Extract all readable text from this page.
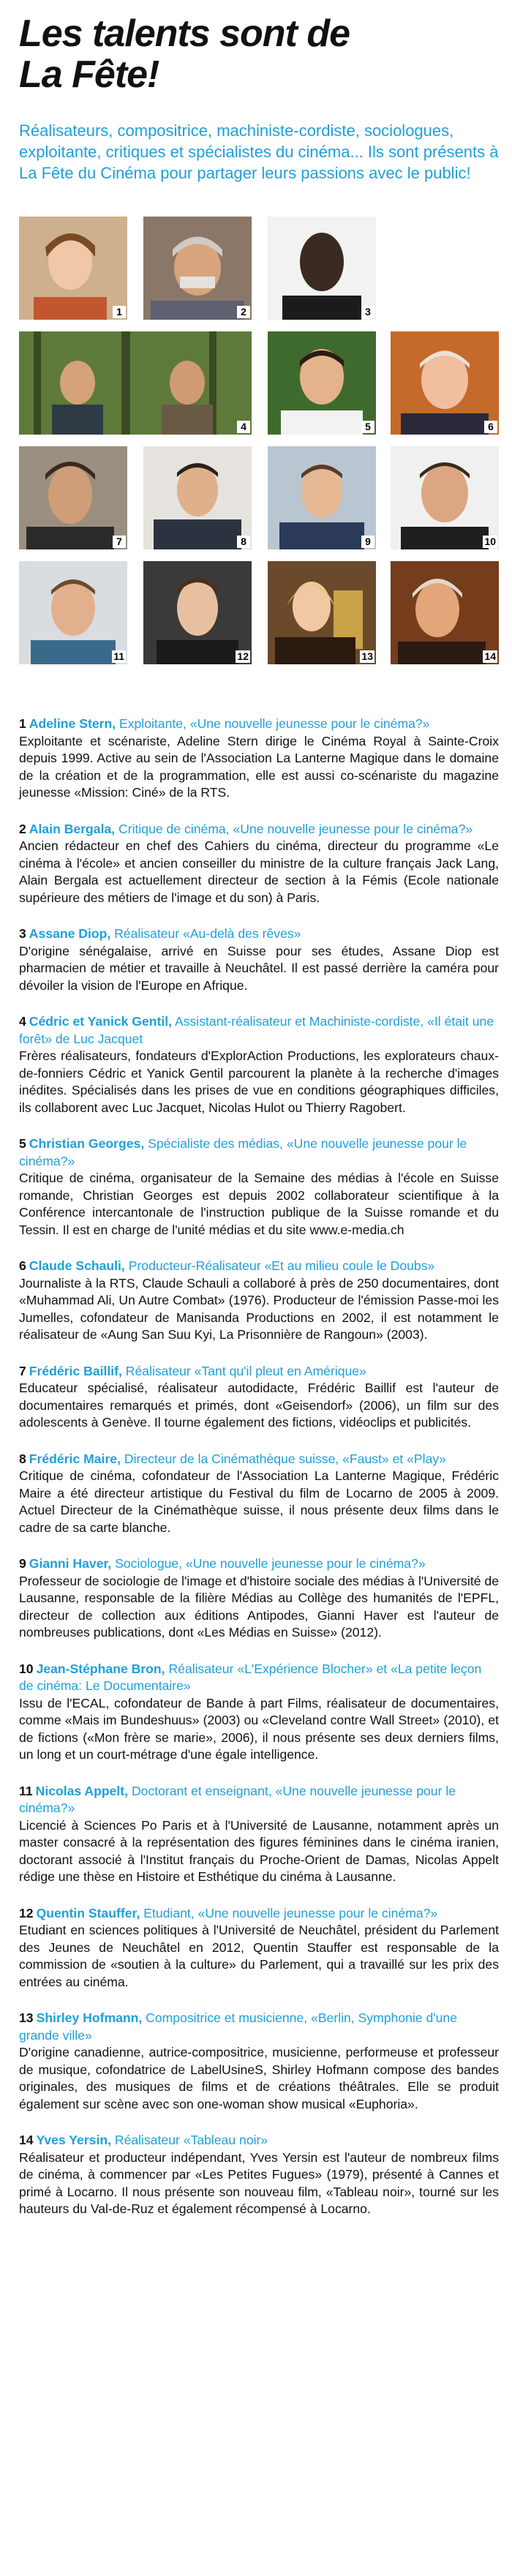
Les talents sont de
La Fête!

Réalisateurs, compositrice, machiniste-cordiste, sociologues, exploitante, critiques et spécialistes du cinéma... Ils sont présents à La Fête du Cinéma pour partager leurs passions avec le public!

1	2	3
4	5	6
7	8	9	10
11	12	13	14
1 Adeline Stern, Exploitante, «Une nouvelle jeunesse pour le cinéma?»
Exploitante et scénariste, Adeline Stern dirige le Cinéma Royal à Sainte-Croix depuis 1999. Active au sein de l'Association La Lanterne Magique dans le domaine de la création et de la programmation, elle est aussi co-scénariste du magazine jeunesse «Mission: Ciné» de la RTS.
2 Alain Bergala, Critique de cinéma, «Une nouvelle jeunesse pour le cinéma?»
Ancien rédacteur en chef des Cahiers du cinéma, directeur du programme «Le cinéma à l'école» et ancien conseiller du ministre de la culture français Jack Lang, Alain Bergala est actuellement directeur de section à la Fémis (Ecole nationale supérieure des métiers de l'image et du son) à Paris.
3 Assane Diop, Réalisateur «Au-delà des rêves»
D'origine sénégalaise, arrivé en Suisse pour ses études, Assane Diop est pharmacien de métier et travaille à Neuchâtel. Il est passé derrière la caméra pour dévoiler la vision de l'Europe en Afrique.
4 Cédric et Yanick Gentil, Assistant-réalisateur et Machiniste-cordiste, «Il était une forêt» de Luc Jacquet
Frères réalisateurs, fondateurs d'ExplorAction Productions, les explorateurs chaux-de-fonniers Cédric et Yanick Gentil parcourent la planète à la recherche d'images inédites. Spécialisés dans les prises de vue en conditions géographiques difficiles, ils collaborent avec Luc Jacquet, Nicolas Hulot ou Thierry Ragobert.
5 Christian Georges, Spécialiste des médias, «Une nouvelle jeunesse pour le cinéma?»
Critique de cinéma, organisateur de la Semaine des médias à l'école en Suisse romande, Christian Georges est depuis 2002 collaborateur scientifique à la Conférence intercantonale de l'instruction publique de la Suisse romande et du Tessin. Il est en charge de l'unité médias et du site www.e-media.ch
6 Claude Schauli, Producteur-Réalisateur «Et au milieu coule le Doubs»
Journaliste à la RTS, Claude Schauli a collaboré à près de 250 documentaires, dont «Muhammad Ali, Un Autre Combat» (1976). Producteur de l'émission Passe-moi les Jumelles, cofondateur de Manisanda Productions en 2002, il est notamment le réalisateur de «Aung San Suu Kyi, La Prisonnière de Rangoun» (2003).
7 Frédéric Baillif, Réalisateur «Tant qu'il pleut en Amérique»
Educateur spécialisé, réalisateur autodidacte, Frédéric Baillif est l'auteur de documentaires remarqués et primés, dont «Geisendorf» (2006), un film sur des adolescents à Genève. Il tourne également des fictions, vidéoclips et publicités.
8 Frédéric Maire, Directeur de la Cinémathèque suisse, «Faust» et «Play»
Critique de cinéma, cofondateur de l'Association La Lanterne Magique, Frédéric Maire a été directeur artistique du Festival du film de Locarno de 2005 à 2009. Actuel Directeur de la Cinémathèque suisse, il nous présente deux films dans le cadre de sa carte blanche.
9 Gianni Haver, Sociologue, «Une nouvelle jeunesse pour le cinéma?»
Professeur de sociologie de l'image et d'histoire sociale des médias à l'Université de Lausanne, responsable de la filière Médias au Collège des humanités de l'EPFL, directeur de collection aux éditions Antipodes, Gianni Haver est l'auteur de nombreuses publications, dont «Les Médias en Suisse» (2012).
10 Jean-Stéphane Bron, Réalisateur «L'Expérience Blocher» et «La petite leçon de cinéma: Le Documentaire»
Issu de l'ECAL, cofondateur de Bande à part Films, réalisateur de documentaires, comme «Mais im Bundeshuus» (2003) ou «Cleveland contre Wall Street» (2010), et de fictions («Mon frère se marie», 2006), il nous présente ses deux derniers films, un long et un court-métrage d'une égale intelligence.
11 Nicolas Appelt, Doctorant et enseignant, «Une nouvelle jeunesse pour le cinéma?»
Licencié à Sciences Po Paris et à l'Université de Lausanne, notamment après un master consacré à la représentation des figures féminines dans le cinéma iranien, doctorant associé à l'Institut français du Proche-Orient de Damas, Nicolas Appelt rédige une thèse en Histoire et Esthétique du cinéma à Lausanne.
12 Quentin Stauffer, Etudiant, «Une nouvelle jeunesse pour le cinéma?»
Etudiant en sciences politiques à l'Université de Neuchâtel, président du Parlement des Jeunes de Neuchâtel en 2012, Quentin Stauffer est responsable de la commission de «soutien à la culture» du Parlement, qui a travaillé sur les prix des entrées au cinéma.
13 Shirley Hofmann, Compositrice et musicienne, «Berlin, Symphonie d'une grande ville»
D'origine canadienne, autrice-compositrice, musicienne, performeuse et professeur de musique, cofondatrice de LabelUsineS, Shirley Hofmann compose des bandes originales, des musiques de films et de créations théâtrales. Elle se produit également sur scène avec son one-woman show musical «Euphoria».
14 Yves Yersin, Réalisateur «Tableau noir»
Réalisateur et producteur indépendant, Yves Yersin est l'auteur de nombreux films de cinéma, à commencer par «Les Petites Fugues» (1979), présenté à Cannes et primé à Locarno. Il nous présente son nouveau film, «Tableau noir», tourné sur les hauteurs du Val-de-Ruz et également récompensé à Locarno.
